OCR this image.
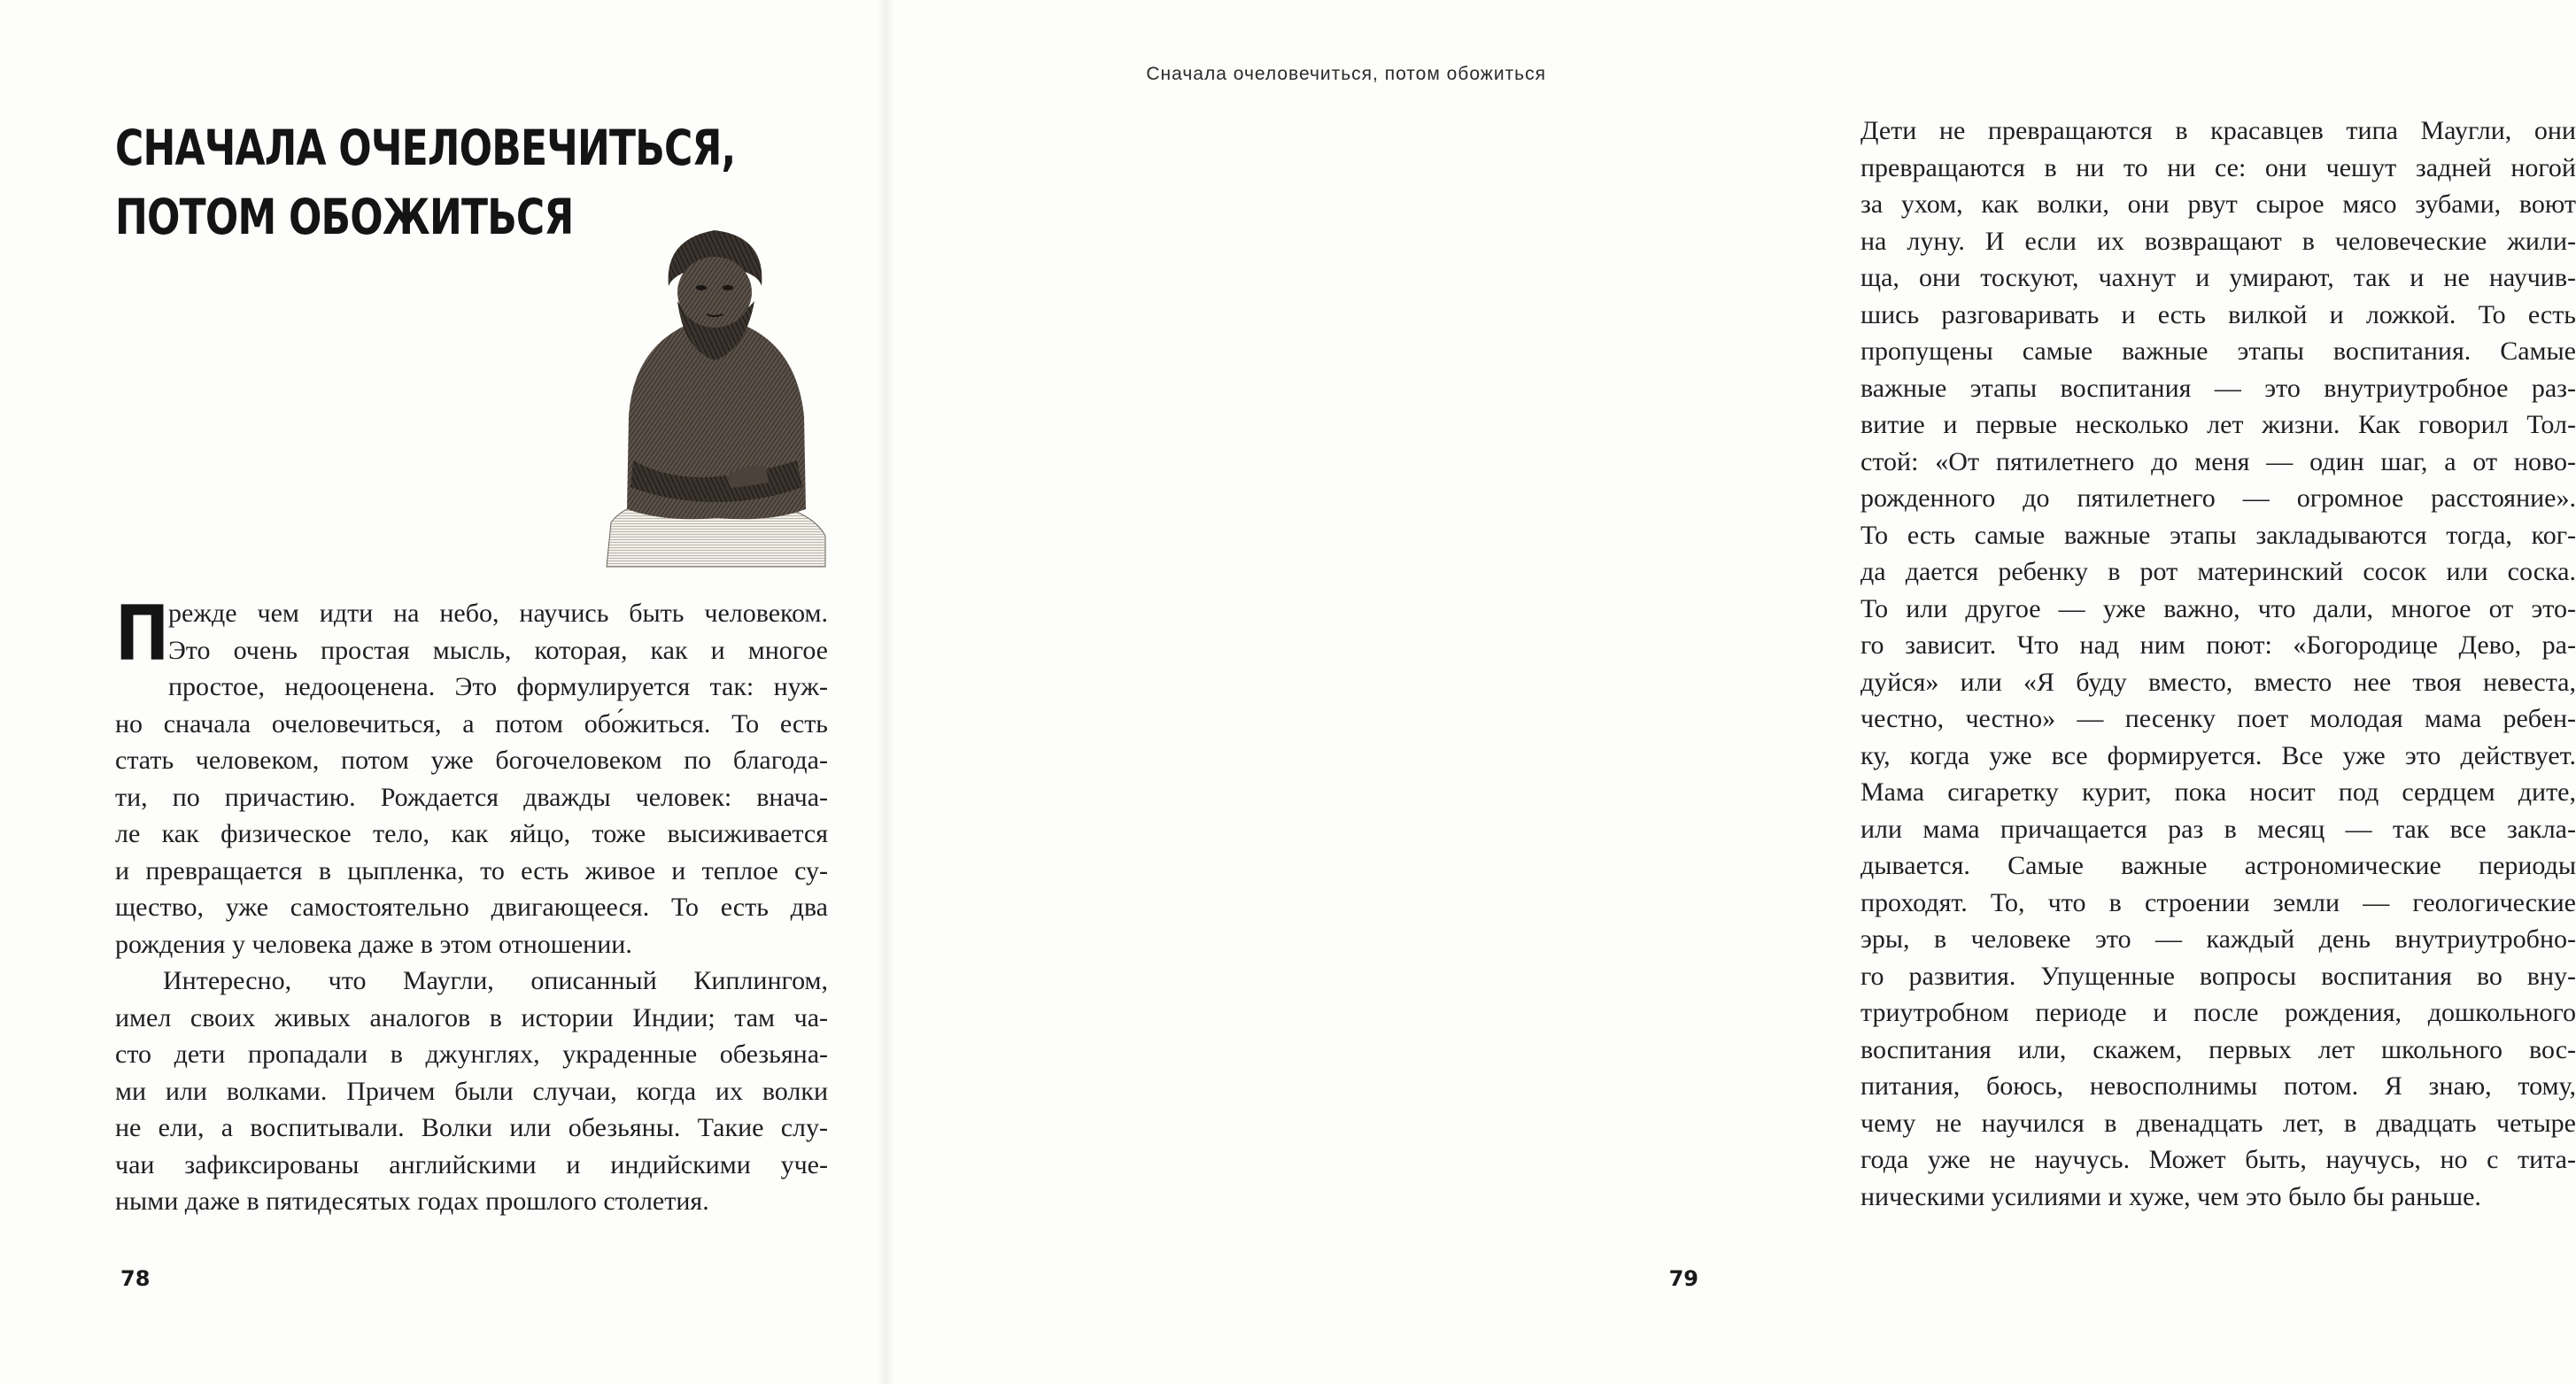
СНАЧАЛА ОЧЕЛОВЕЧИТЬСЯ,
ПОТОМ ОБОЖИТЬСЯ

П
режде чем идти на небо, научись быть человеком.
Это очень простая мысль, которая, как и многое
простое, недооценена. Это формулируется так: нуж-
но сначала очеловечиться, а потом обо́житься. То есть
стать человеком, потом уже богочеловеком по благода-
ти, по причастию. Рождается дважды человек: внача-
ле как физическое тело, как яйцо, тоже высиживается
и превращается в цыпленка, то есть живое и теплое су-
щество, уже самостоятельно двигающееся. То есть два
рождения у человека даже в этом отношении.

Интересно, что Маугли, описанный Киплингом,
имел своих живых аналогов в истории Индии; там ча-
сто дети пропадали в джунглях, украденные обезьяна-
ми или волками. Причем были случаи, когда их волки
не ели, а воспитывали. Волки или обезьяны. Такие слу-
чаи зафиксированы английскими и индийскими уче-
ными даже в пятидесятых годах прошлого столетия.

78
Сначала очеловечиться, потом обожиться

Дети не превращаются в красавцев типа Маугли, они
превращаются в ни то ни се: они чешут задней ногой
за ухом, как волки, они рвут сырое мясо зубами, воют
на луну. И если их возвращают в человеческие жили-
ща, они тоскуют, чахнут и умирают, так и не научив-
шись разговаривать и есть вилкой и ложкой. То есть
пропущены самые важные этапы воспитания. Самые
важные этапы воспитания — это внутриутробное раз-
витие и первые несколько лет жизни. Как говорил Тол-
стой: «От пятилетнего до меня — один шаг, а от ново-
рожденного до пятилетнего — огромное расстояние».
То есть самые важные этапы закладываются тогда, ког-
да дается ребенку в рот материнский сосок или соска.
То или другое — уже важно, что дали, многое от это-
го зависит. Что над ним поют: «Богородице Дево, ра-
дуйся» или «Я буду вместо, вместо нее твоя невеста,
честно, честно» — песенку поет молодая мама ребен-
ку, когда уже все формируется. Все уже это действует.
Мама сигаретку курит, пока носит под сердцем дите,
или мама причащается раз в месяц — так все закла-
дывается. Самые важные астрономические периоды
проходят. То, что в строении земли — геологические
эры, в человеке это — каждый день внутриутробно-
го развития. Упущенные вопросы воспитания во вну-
триутробном периоде и после рождения, дошкольного
воспитания или, скажем, первых лет школьного вос-
питания, боюсь, невосполнимы потом. Я знаю, тому,
чему не научился в двенадцать лет, в двадцать четыре
года уже не научусь. Может быть, научусь, но с тита-
ническими усилиями и хуже, чем это было бы раньше.

79
